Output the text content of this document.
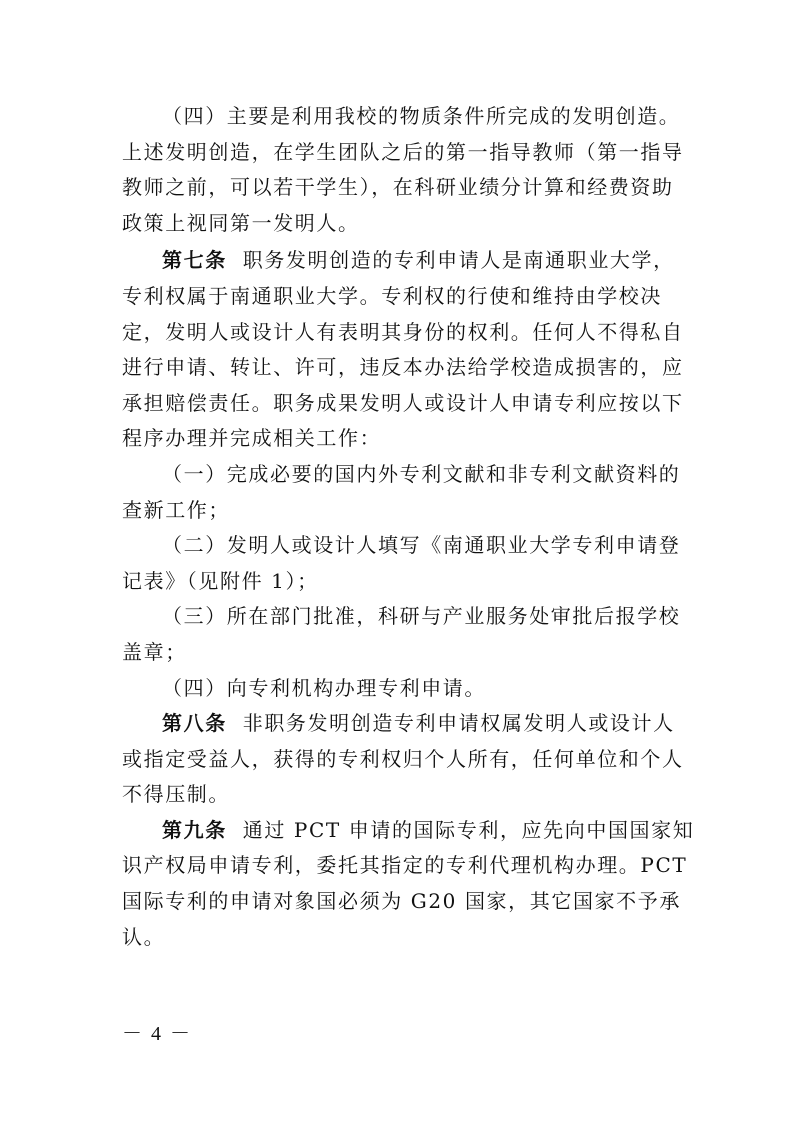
（四）主要是利用我校的物质条件所完成的发明创造。
上述发明创造，在学生团队之后的第一指导教师（第一指导
教师之前，可以若干学生），在科研业绩分计算和经费资助
政策上视同第一发明人。

第七条 职务发明创造的专利申请人是南通职业大学，
专利权属于南通职业大学。专利权的行使和维持由学校决
定，发明人或设计人有表明其身份的权利。任何人不得私自
进行申请、转让、许可，违反本办法给学校造成损害的，应
承担赔偿责任。职务成果发明人或设计人申请专利应按以下
程序办理并完成相关工作：

（一）完成必要的国内外专利文献和非专利文献资料的
查新工作；

（二）发明人或设计人填写《南通职业大学专利申请登
记表》（见附件 1）；

（三）所在部门批准，科研与产业服务处审批后报学校
盖章；

（四）向专利机构办理专利申请。

第八条 非职务发明创造专利申请权属发明人或设计人
或指定受益人，获得的专利权归个人所有，任何单位和个人
不得压制。

第九条 通过 PCT 申请的国际专利，应先向中国国家知
识产权局申请专利，委托其指定的专利代理机构办理。PCT
国际专利的申请对象国必须为 G20 国家，其它国家不予承
认。

－ 4 －
